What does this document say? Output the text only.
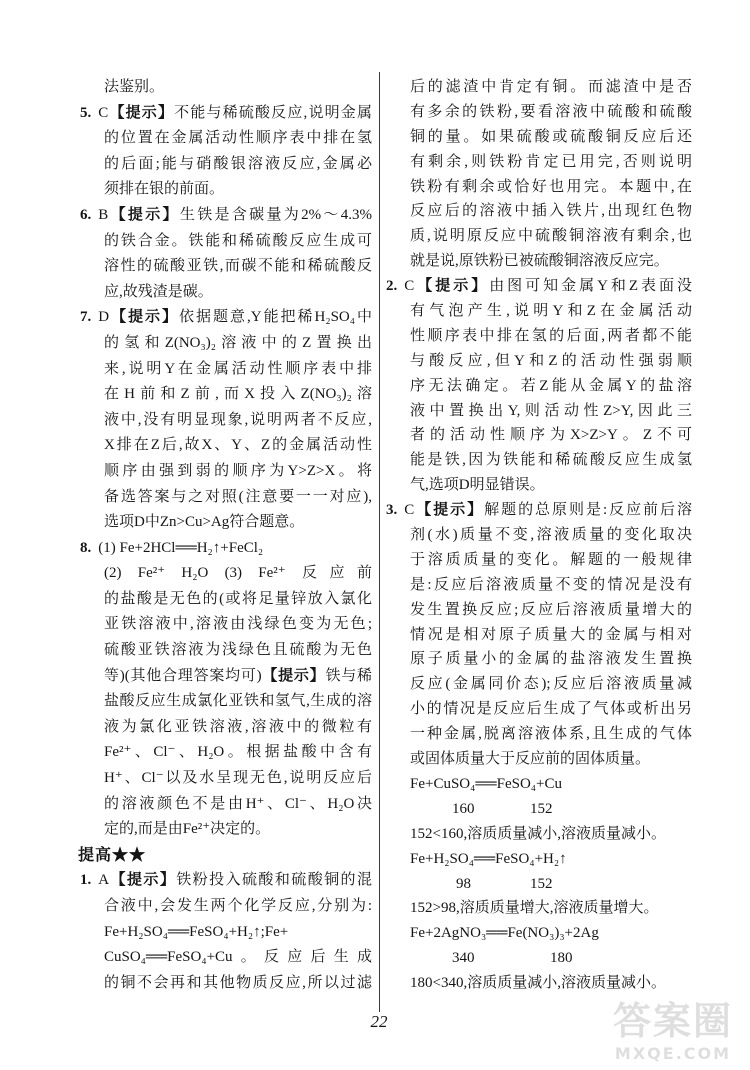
法鉴别。
5. C【提示】不能与稀硫酸反应,说明金属
的位置在金属活动性顺序表中排在氢
的后面;能与硝酸银溶液反应,金属必
须排在银的前面。
6. B【提示】生铁是含碳量为2%～4.3%
的铁合金。铁能和稀硫酸反应生成可
溶性的硫酸亚铁,而碳不能和稀硫酸反
应,故残渣是碳。
7. D【提示】依据题意,Y能把稀H₂SO₄中
的氢和Z(NO₃)₂溶液中的Z置换出
来,说明Y在金属活动性顺序表中排
在H前和Z前,而X投入Z(NO₃)₂溶
液中,没有明显现象,说明两者不反应,
X排在Z后,故X、Y、Z的金属活动性
顺序由强到弱的顺序为Y>Z>X。将
备选答案与之对照(注意要一一对应),
选项D中Zn>Cu>Ag符合题意。
8. (1) Fe+2HCl══H₂↑+FeCl₂
(2) Fe²⁺ H₂O (3) Fe²⁺ 反应前
的盐酸是无色的(或将足量锌放入氯化
亚铁溶液中,溶液由浅绿色变为无色;
硫酸亚铁溶液为浅绿色且硫酸为无色
等)(其他合理答案均可)【提示】铁与稀
盐酸反应生成氯化亚铁和氢气,生成的溶
液为氯化亚铁溶液,溶液中的微粒有
Fe²⁺、Cl⁻、H₂O。根据盐酸中含有
H⁺、Cl⁻以及水呈现无色,说明反应后
的溶液颜色不是由H⁺、Cl⁻、H₂O决
定的,而是由Fe²⁺决定的。
提高★★
1. A【提示】铁粉投入硫酸和硫酸铜的混
合液中,会发生两个化学反应,分别为:
Fe+H₂SO₄══FeSO₄+H₂↑;Fe+
CuSO₄══FeSO₄+Cu。反应后生成
的铜不会再和其他物质反应,所以过滤
后的滤渣中肯定有铜。而滤渣中是否
有多余的铁粉,要看溶液中硫酸和硫酸
铜的量。如果硫酸或硫酸铜反应后还
有剩余,则铁粉肯定已用完,否则说明
铁粉有剩余或恰好也用完。本题中,在
反应后的溶液中插入铁片,出现红色物
质,说明原反应中硫酸铜溶液有剩余,也
就是说,原铁粉已被硫酸铜溶液反应完。
2. C【提示】由图可知金属Y和Z表面没
有气泡产生,说明Y和Z在金属活动
性顺序表中排在氢的后面,两者都不能
与酸反应,但Y和Z的活动性强弱顺
序无法确定。若Z能从金属Y的盐溶
液中置换出Y,则活动性Z>Y,因此三
者的活动性顺序为X>Z>Y。Z不可
能是铁,因为铁能和稀硫酸反应生成氢
气,选项D明显错误。
3. C【提示】解题的总原则是:反应前后溶
剂(水)质量不变,溶液质量的变化取决
于溶质质量的变化。解题的一般规律
是:反应后溶液质量不变的情况是没有
发生置换反应;反应后溶液质量增大的
情况是相对原子质量大的金属与相对
原子质量小的金属的盐溶液发生置换
反应(金属同价态);反应后溶液质量减
小的情况是反应后生成了气体或析出另
一种金属,脱离溶液体系,且生成的气体
或固体质量大于反应前的固体质量。
Fe+CuSO₄══FeSO₄+Cu
160	152
152<160,溶质质量减小,溶液质量减小。
Fe+H₂SO₄══FeSO₄+H₂↑
98	152
152>98,溶质质量增大,溶液质量增大。
Fe+2AgNO₃══Fe(NO₃)₃+2Ag
340	180
180<340,溶质质量减小,溶液质量减小。
22	答案圈
MXQE.COM
